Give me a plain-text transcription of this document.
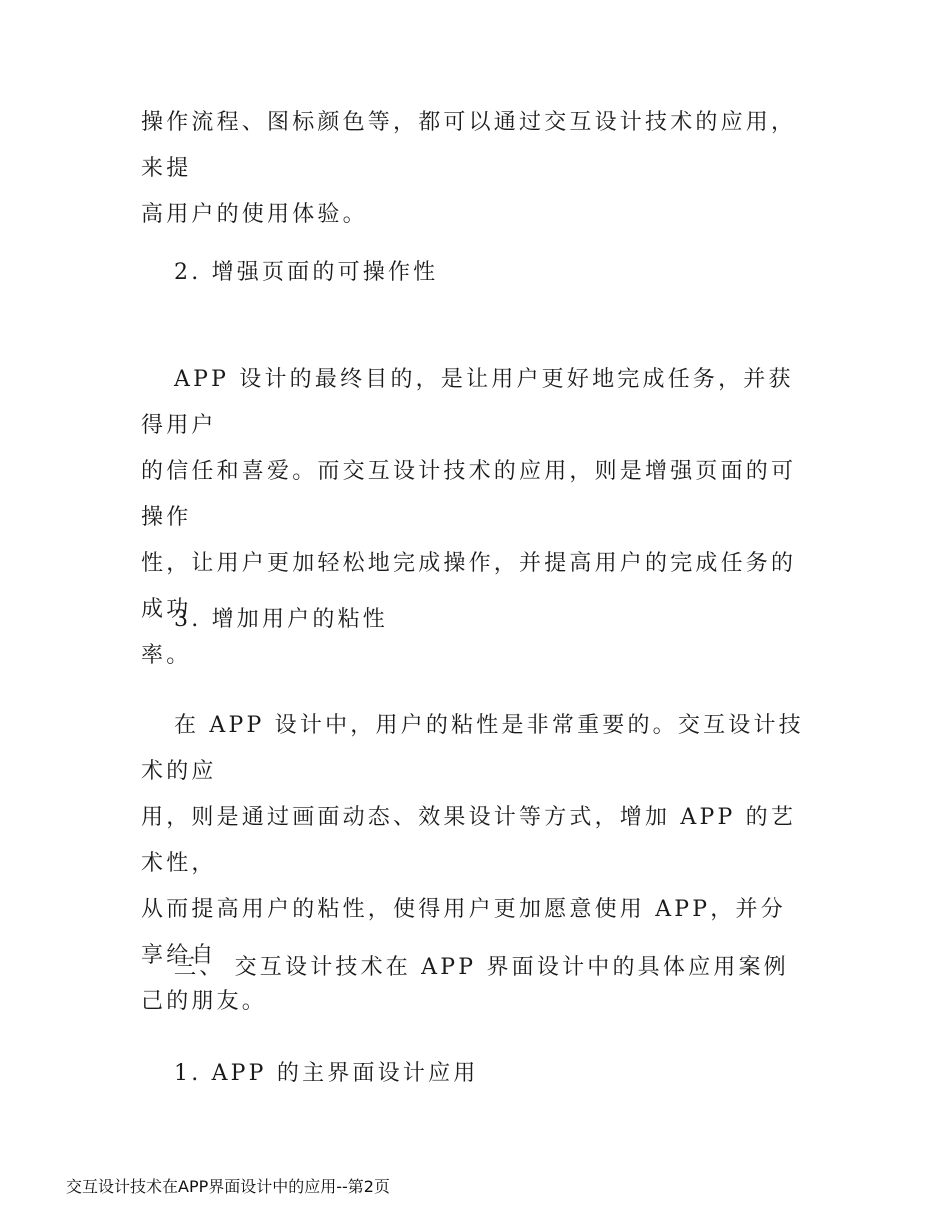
操作流程、图标颜色等，都可以通过交互设计技术的应用，来提
高用户的使用体验。
2. 增强页面的可操作性
APP 设计的最终目的，是让用户更好地完成任务，并获得用户
的信任和喜爱。而交互设计技术的应用，则是增强页面的可操作
性，让用户更加轻松地完成操作，并提高用户的完成任务的成功
率。
3. 增加用户的粘性
在 APP 设计中，用户的粘性是非常重要的。交互设计技术的应
用，则是通过画面动态、效果设计等方式，增加 APP 的艺术性，
从而提高用户的粘性，使得用户更加愿意使用 APP，并分享给自
己的朋友。
三、 交互设计技术在 APP 界面设计中的具体应用案例
1. APP 的主界面设计应用
交互设计技术在APP界面设计中的应用--第2页
